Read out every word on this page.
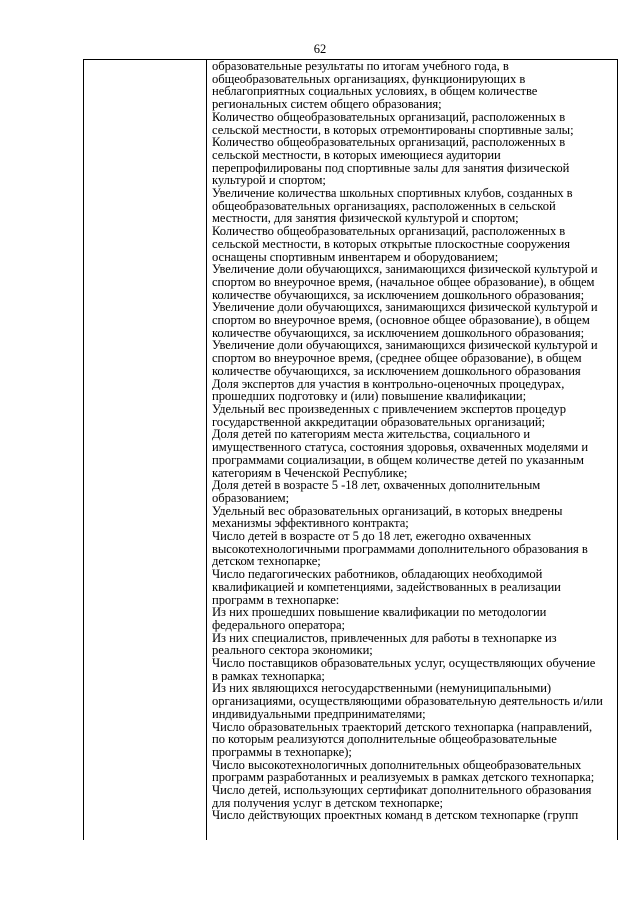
62
образовательные результаты по итогам учебного года, в
общеобразовательных организациях, функционирующих в
неблагоприятных социальных условиях, в общем количестве
региональных систем общего образования;
Количество общеобразовательных организаций, расположенных в
сельской местности, в которых отремонтированы спортивные залы;
Количество общеобразовательных организаций, расположенных в
сельской местности, в которых имеющиеся аудитории
перепрофилированы под спортивные залы для занятия физической
культурой и спортом;
Увеличение количества школьных спортивных клубов, созданных в
общеобразовательных организациях, расположенных в сельской
местности, для занятия физической культурой и спортом;
Количество общеобразовательных организаций, расположенных в
сельской местности, в которых открытые плоскостные сооружения
оснащены спортивным инвентарем и оборудованием;
Увеличение доли обучающихся, занимающихся физической культурой и
спортом во внеурочное время, (начальное общее образование), в общем
количестве обучающихся, за исключением дошкольного образования;
Увеличение доли обучающихся, занимающихся физической культурой и
спортом во внеурочное время, (основное общее образование), в общем
количестве обучающихся, за исключением дошкольного образования;
Увеличение доли обучающихся, занимающихся физической культурой и
спортом во внеурочное время, (среднее общее образование), в общем
количестве обучающихся, за исключением дошкольного образования
Доля экспертов для участия в контрольно-оценочных процедурах,
прошедших подготовку и (или) повышение квалификации;
Удельный вес произведенных с привлечением экспертов процедур
государственной аккредитации образовательных организаций;
Доля детей по категориям места жительства, социального и
имущественного статуса, состояния здоровья, охваченных моделями и
программами социализации, в общем количестве детей по указанным
категориям в Чеченской Республике;
Доля детей в возрасте 5 -18 лет, охваченных дополнительным
образованием;
Удельный вес образовательных организаций, в которых внедрены
механизмы эффективного контракта;
Число детей в возрасте от 5 до 18 лет, ежегодно охваченных
высокотехнологичными программами дополнительного образования в
детском технопарке;
Число педагогических работников, обладающих необходимой
квалификацией и компетенциями, задействованных в реализации
программ в технопарке:
Из них прошедших повышение квалификации по методологии
федерального оператора;
Из них специалистов, привлеченных для работы в технопарке из
реального сектора экономики;
Число поставщиков образовательных услуг, осуществляющих обучение
в рамках технопарка;
Из них являющихся негосударственными (немуниципальными)
организациями, осуществляющими образовательную деятельность и/или
индивидуальными предпринимателями;
Число образовательных траекторий детского технопарка (направлений,
по которым реализуются дополнительные общеобразовательные
программы в технопарке);
Число высокотехнологичных дополнительных общеобразовательных
программ разработанных и реализуемых в рамках детского технопарка;
Число детей, использующих сертификат дополнительного образования
для получения услуг в детском технопарке;
Число действующих проектных команд в детском технопарке (групп
